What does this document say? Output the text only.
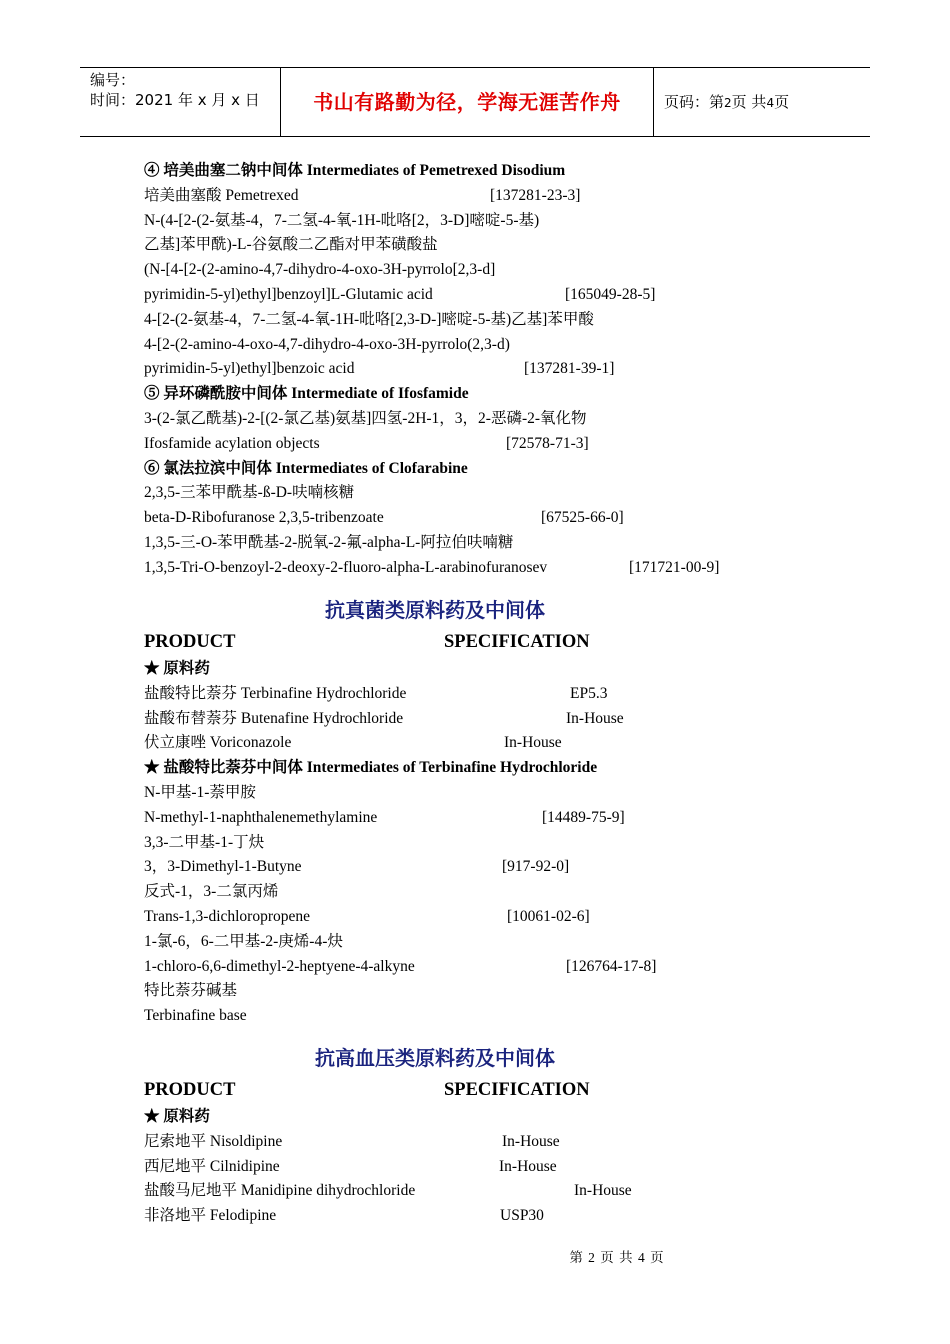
编号：
时间：2021 年 x 月 x 日	书山有路勤为径，学海无涯苦作舟	页码：第2页 共4页
④ 培美曲塞二钠中间体 Intermediates of Pemetrexed Disodium
培美曲塞酸 Pemetrexed	[137281-23-3]
N-(4-[2-(2-氨基-4，7-二氢-4-氧-1H-吡咯[2，3-D]嘧啶-5-基)
乙基]苯甲酰)-L-谷氨酸二乙酯对甲苯磺酸盐
(N-[4-[2-(2-amino-4,7-dihydro-4-oxo-3H-pyrrolo[2,3-d]
pyrimidin-5-yl)ethyl]benzoyl]L-Glutamic acid	[165049-28-5]
4-[2-(2-氨基-4，7-二氢-4-氧-1H-吡咯[2,3-D-]嘧啶-5-基)乙基]苯甲酸
4-[2-(2-amino-4-oxo-4,7-dihydro-4-oxo-3H-pyrrolo(2,3-d)
pyrimidin-5-yl)ethyl]benzoic acid	[137281-39-1]
⑤ 异环磷酰胺中间体 Intermediate of Ifosfamide
3-(2-氯乙酰基)-2-[(2-氯乙基)氨基]四氢-2H-1，3，2-恶磷-2-氧化物
Ifosfamide acylation objects	[72578-71-3]
⑥ 氯法拉滨中间体 Intermediates of Clofarabine
2,3,5-三苯甲酰基-ß-D-呋喃核糖
beta-D-Ribofuranose 2,3,5-tribenzoate	[67525-66-0]
1,3,5-三-O-苯甲酰基-2-脱氧-2-氟-alpha-L-阿拉伯呋喃糖
1,3,5-Tri-O-benzoyl-2-deoxy-2-fluoro-alpha-L-arabinofuranosev	[171721-00-9]
抗真菌类原料药及中间体
PRODUCT	SPECIFICATION
★ 原料药
盐酸特比萘芬 Terbinafine Hydrochloride	EP5.3
盐酸布替萘芬 Butenafine Hydrochloride	In-House
伏立康唑 Voriconazole	In-House
★ 盐酸特比萘芬中间体 Intermediates of Terbinafine Hydrochloride
N-甲基-1-萘甲胺
N-methyl-1-naphthalenemethylamine	[14489-75-9]
3,3-二甲基-1-丁炔
3，3-Dimethyl-1-Butyne	[917-92-0]
反式-1，3-二氯丙烯
Trans-1,3-dichloropropene	[10061-02-6]
1-氯-6，6-二甲基-2-庚烯-4-炔
1-chloro-6,6-dimethyl-2-heptyene-4-alkyne	[126764-17-8]
特比萘芬碱基
Terbinafine base
抗高血压类原料药及中间体
PRODUCT	SPECIFICATION
★ 原料药
尼索地平 Nisoldipine	In-House
西尼地平 Cilnidipine	In-House
盐酸马尼地平 Manidipine dihydrochloride	In-House
非洛地平 Felodipine	USP30
第 2 页 共 4 页
